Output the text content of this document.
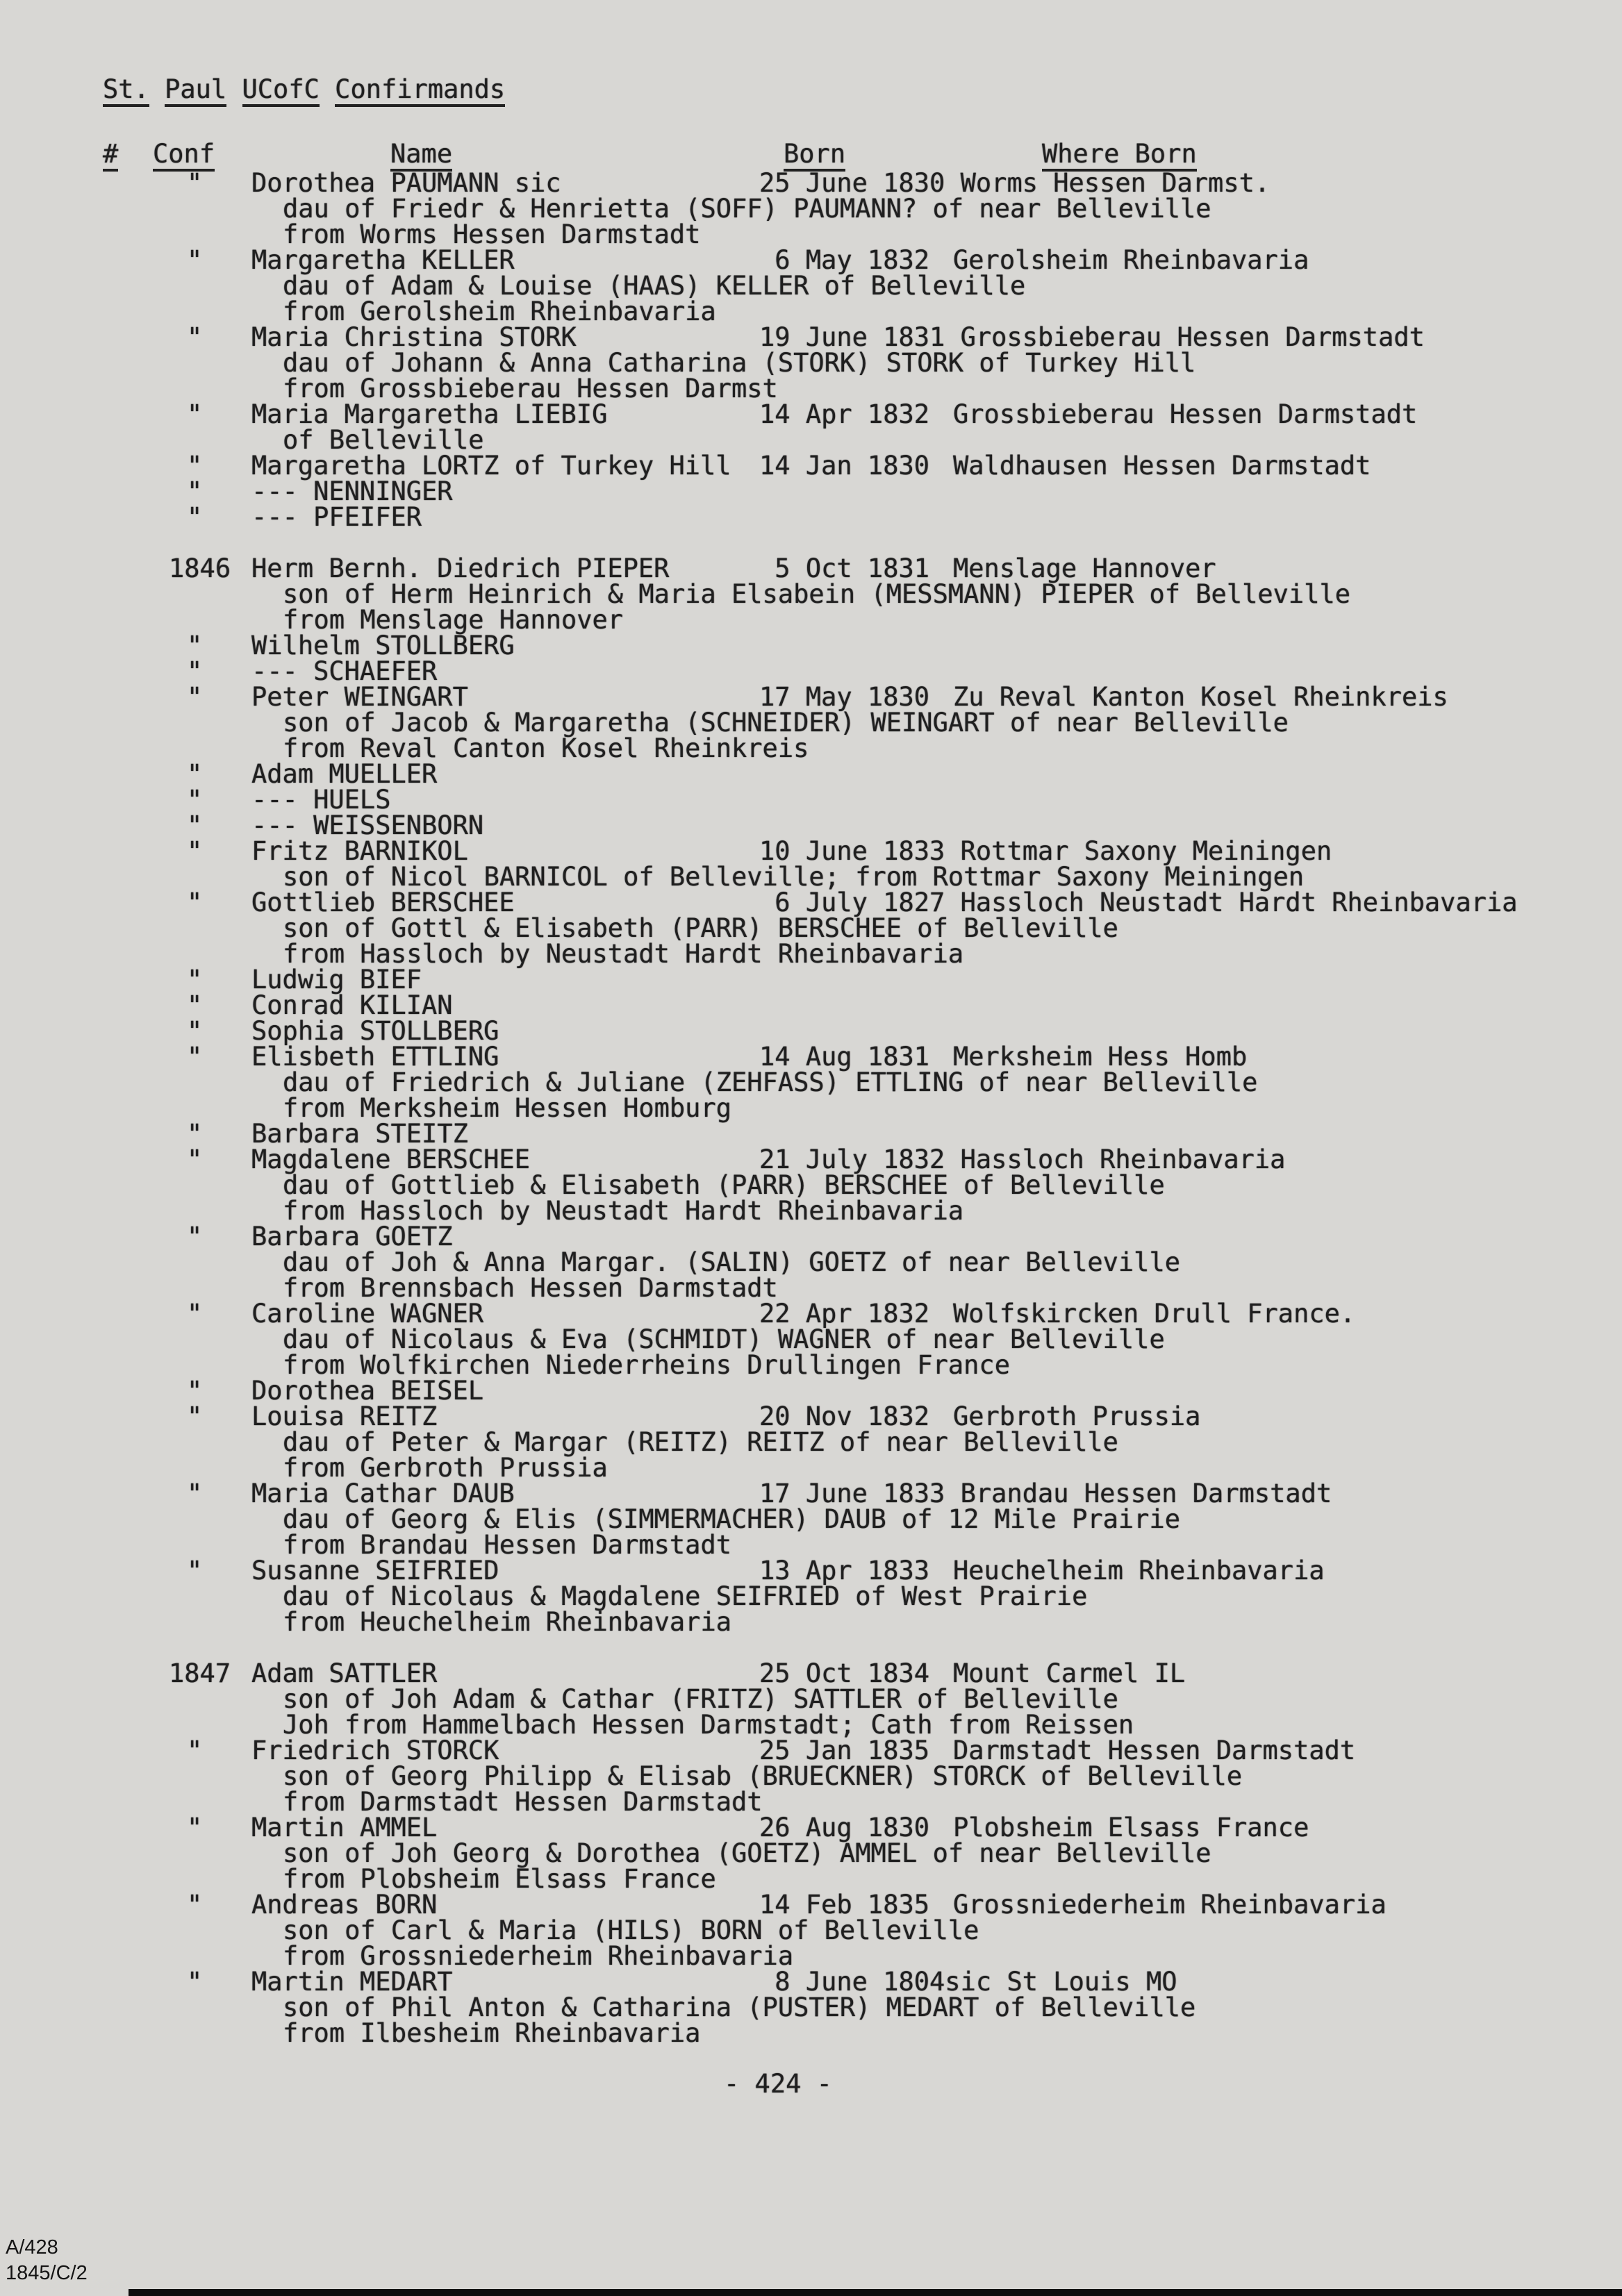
St. Paul UCofC Confirmands
# Conf	Name	Born	Where Born
" Dorothea PAUMANN sic	25 June 1830 Worms Hessen Darmst.
dau of Friedr & Henrietta (SOFF) PAUMANN? of near Belleville
from Worms Hessen Darmstadt
" Margaretha KELLER	6 May 1832 Gerolsheim Rheinbavaria
dau of Adam & Louise (HAAS) KELLER of Belleville
from Gerolsheim Rheinbavaria
" Maria Christina STORK	19 June 1831 Grossbieberau Hessen Darmstadt
dau of Johann & Anna Catharina (STORK) STORK of Turkey Hill
from Grossbieberau Hessen Darmst
" Maria Margaretha LIEBIG	14 Apr 1832 Grossbieberau Hessen Darmstadt
of Belleville
" Margaretha LORTZ of Turkey Hill 14 Jan 1830 Waldhausen Hessen Darmstadt
" --- NENNINGER
" --- PFEIFER
1846 Herm Bernh. Diedrich PIEPER	5 Oct 1831 Menslage Hannover
son of Herm Heinrich & Maria Elsabein (MESSMANN) PIEPER of Belleville
from Menslage Hannover
" Wilhelm STOLLBERG
" --- SCHAEFER
" Peter WEINGART	17 May 1830 Zu Reval Kanton Kosel Rheinkreis
son of Jacob & Margaretha (SCHNEIDER) WEINGART of near Belleville
from Reval Canton Kosel Rheinkreis
" Adam MUELLER
" --- HUELS
" --- WEISSENBORN
" Fritz BARNIKOL	10 June 1833 Rottmar Saxony Meiningen
son of Nicol BARNICOL of Belleville; from Rottmar Saxony Meiningen
" Gottlieb BERSCHEE	6 July 1827 Hassloch Neustadt Hardt Rheinbavaria
son of Gottl & Elisabeth (PARR) BERSCHEE of Belleville
from Hassloch by Neustadt Hardt Rheinbavaria
" Ludwig BIEF
" Conrad KILIAN
" Sophia STOLLBERG
" Elisbeth ETTLING	14 Aug 1831 Merksheim Hess Homb
dau of Friedrich & Juliane (ZEHFASS) ETTLING of near Belleville
from Merksheim Hessen Homburg
" Barbara STEITZ
" Magdalene BERSCHEE	21 July 1832 Hassloch Rheinbavaria
dau of Gottlieb & Elisabeth (PARR) BERSCHEE of Belleville
from Hassloch by Neustadt Hardt Rheinbavaria
" Barbara GOETZ
dau of Joh & Anna Margar. (SALIN) GOETZ of near Belleville
from Brennsbach Hessen Darmstadt
" Caroline WAGNER	22 Apr 1832 Wolfskircken Drull France.
dau of Nicolaus & Eva (SCHMIDT) WAGNER of near Belleville
from Wolfkirchen Niederrheins Drullingen France
" Dorothea BEISEL
" Louisa REITZ	20 Nov 1832 Gerbroth Prussia
dau of Peter & Margar (REITZ) REITZ of near Belleville
from Gerbroth Prussia
" Maria Cathar DAUB	17 June 1833 Brandau Hessen Darmstadt
dau of Georg & Elis (SIMMERMACHER) DAUB of 12 Mile Prairie
from Brandau Hessen Darmstadt
" Susanne SEIFRIED	13 Apr 1833 Heuchelheim Rheinbavaria
dau of Nicolaus & Magdalene SEIFRIED of West Prairie
from Heuchelheim Rheinbavaria
1847 Adam SATTLER	25 Oct 1834 Mount Carmel IL
son of Joh Adam & Cathar (FRITZ) SATTLER of Belleville
Joh from Hammelbach Hessen Darmstadt; Cath from Reissen
" Friedrich STORCK	25 Jan 1835 Darmstadt Hessen Darmstadt
son of Georg Philipp & Elisab (BRUECKNER) STORCK of Belleville
from Darmstadt Hessen Darmstadt
" Martin AMMEL	26 Aug 1830 Plobsheim Elsass France
son of Joh Georg & Dorothea (GOETZ) AMMEL of near Belleville
from Plobsheim Elsass France
" Andreas BORN	14 Feb 1835 Grossniederheim Rheinbavaria
son of Carl & Maria (HILS) BORN of Belleville
from Grossniederheim Rheinbavaria
" Martin MEDART	8 June 1804sic St Louis MO
son of Phil Anton & Catharina (PUSTER) MEDART of Belleville
from Ilbesheim Rheinbavaria
- 424 -
A/428
1845/C/2
